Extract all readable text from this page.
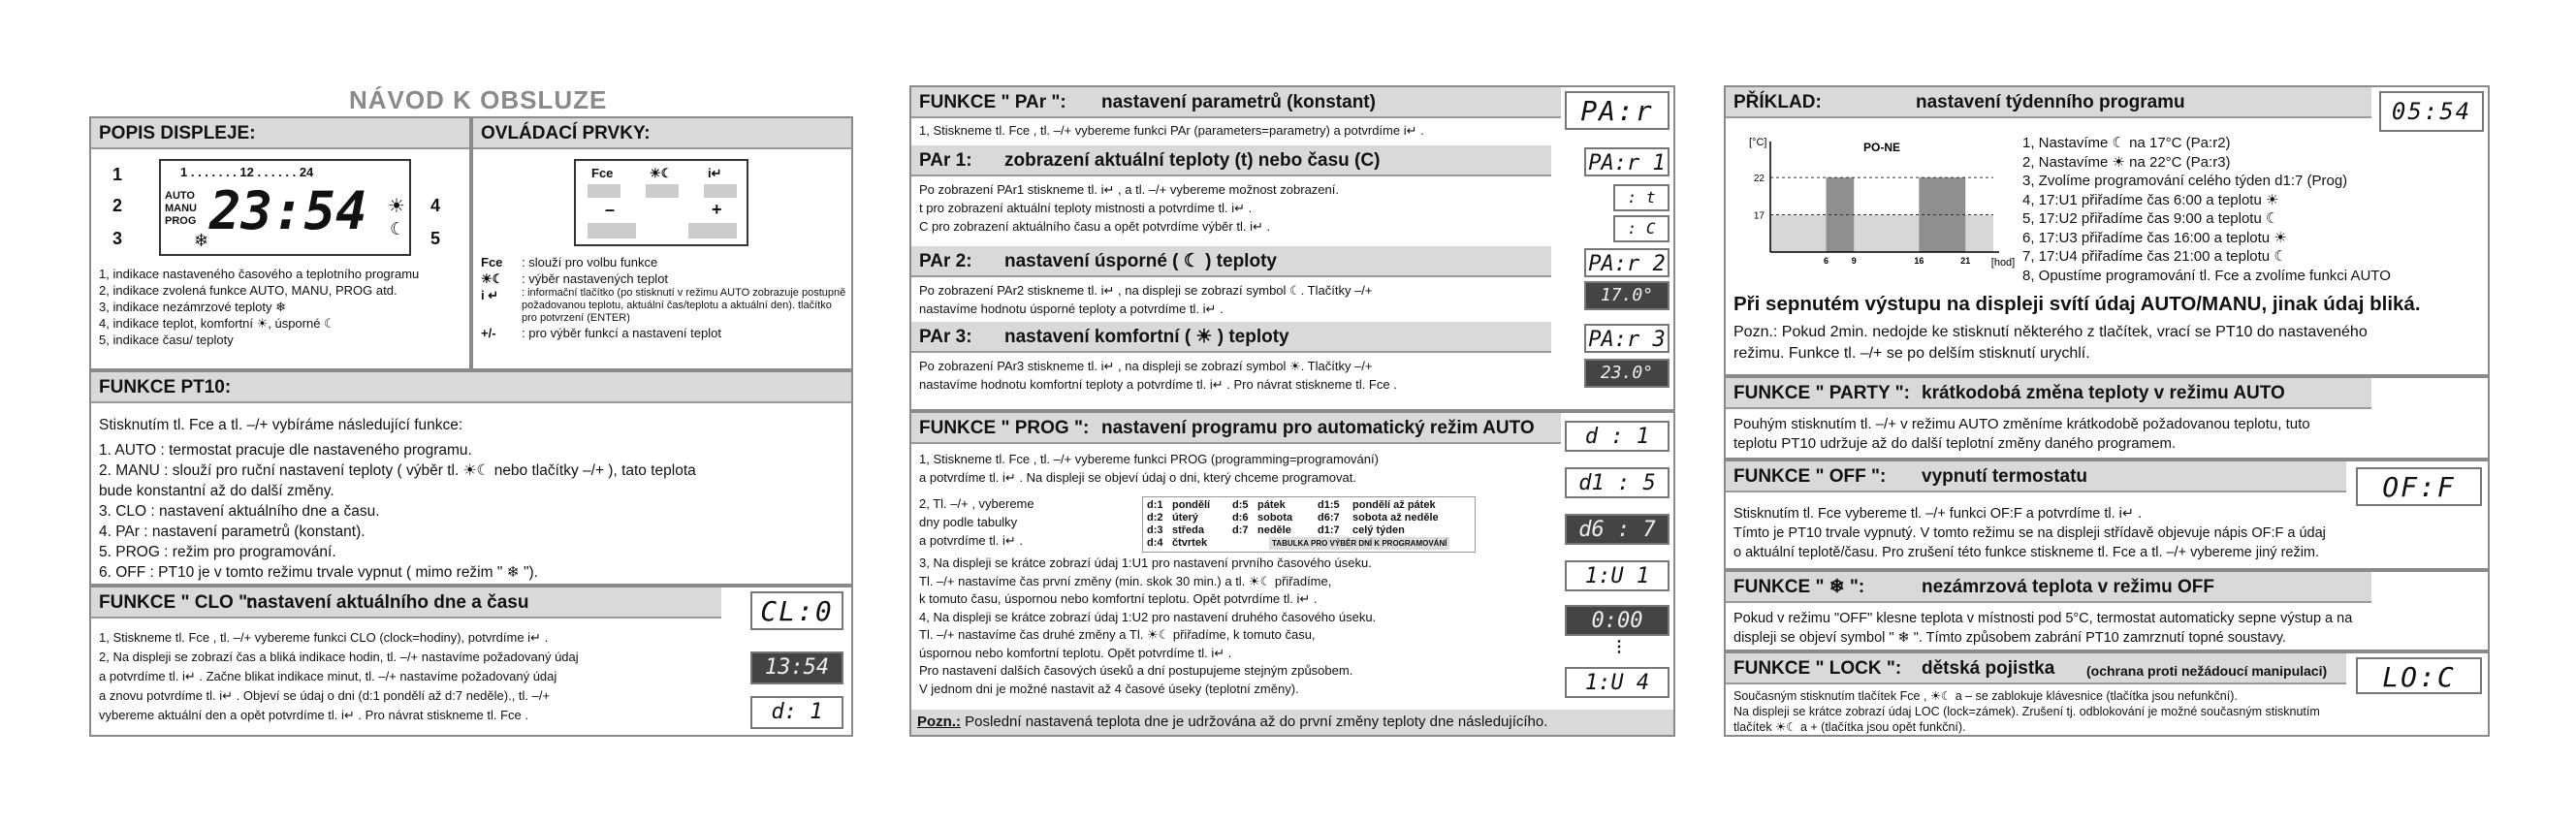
NÁVOD K OBSLUZE
POPIS DISPLEJE:
1 . . . . . . . 12 . . . . . . 24
AUTO
MANU
PROG 23:54 ☀
☾
❄
1
2
3
4
5
1, indikace nastaveného časového a teplotního programu
2, indikace zvolená funkce AUTO, MANU, PROG atd.
3, indikace nezámrzové teploty ❄
4, indikace teplot, komfortní ☀, úsporné ☾
5, indikace času/ teploty
OVLÁDACÍ PRVKY:
Fce	☀☾	i↵
–	+
Fce	: slouží pro volbu funkce
☀☾	: výběr nastavených teplot
i ↵	: informační tlačítko (po stisknutí v režimu AUTO zobrazuje postupně požadovanou teplotu, aktuální čas/teplotu a aktuální den). tlačítko pro potvrzení (ENTER)
+/-	: pro výběr funkcí a nastavení teplot
FUNKCE PT10:
Stisknutím tl. Fce a tl. –/+ vybíráme následující funkce:
1. AUTO : termostat pracuje dle nastaveného programu.
2. MANU : slouží pro ruční nastavení teploty ( výběr tl. ☀☾ nebo tlačítky –/+ ), tato teplota
bude konstantní až do další změny.
3. CLO : nastavení aktuálního dne a času.
4. PAr : nastavení parametrů (konstant).
5. PROG : režim pro programování.
6. OFF : PT10 je v tomto režimu trvale vypnut ( mimo režim " ❄ ").
FUNKCE " CLO ":
nastavení aktuálního dne a času	CL:0
1, Stiskneme tl. Fce , tl. –/+ vybereme funkci CLO (clock=hodiny), potvrdíme i↵ .
2, Na displeji se zobrazí čas a bliká indikace hodin, tl. –/+ nastavíme požadovaný údaj
a potvrdíme tl. i↵ . Začne blikat indikace minut, tl. –/+ nastavíme požadovaný údaj
a znovu potvrdíme tl. i↵ . Objeví se údaj o dni (d:1 pondělí až d:7 neděle)., tl. –/+
vybereme aktuální den a opět potvrdíme tl. i↵ . Pro návrat stiskneme tl. Fce .
13:54
d: 1
FUNKCE " PAr ": nastavení parametrů (konstant)	PA:r
1, Stiskneme tl. Fce , tl. –/+ vybereme funkci PAr (parameters=parametry) a potvrdíme i↵ .
PAr 1: zobrazení aktuální teploty (t) nebo času (C)	PA:r 1
Po zobrazení PAr1 stiskneme tl. i↵ , a tl. –/+ vybereme možnost zobrazení.
t pro zobrazení aktuální teploty mistnosti a potvrdíme tl. i↵ .
C pro zobrazení aktuálního času a opět potvrdíme výběr tl. i↵ .
: t
: C
PAr 2: nastavení úsporné ( ☾ ) teploty	PA:r 2
Po zobrazení PAr2 stiskneme tl. i↵ , na displeji se zobrazí symbol ☾. Tlačítky –/+
nastavíme hodnotu úsporné teploty a potvrdíme tl. i↵ .
17.0°
PAr 3: nastavení komfortní ( ☀ ) teploty	PA:r 3
Po zobrazení PAr3 stiskneme tl. i↵ , na displeji se zobrazí symbol ☀. Tlačítky –/+
nastavíme hodnotu komfortní teploty a potvrdíme tl. i↵ . Pro návrat stiskneme tl. Fce .
23.0°
FUNKCE " PROG ": nastavení programu pro automatický režim AUTO	d : 1
1, Stiskneme tl. Fce , tl. –/+ vybereme funkci PROG (programming=programování)
a potvrdíme tl. i↵ . Na displeji se objeví údaj o dni, který chceme programovat.
2, Tl. –/+ , vybereme
dny podle tabulky
a potvrdíme tl. i↵ .
d1 : 5
d6 : 7
d:1 pondělí	d:5 pátek	d1:5	pondělí až pátek
d:2 úterý	d:6 sobota	d6:7	sobota až neděle
d:3 středa	d:7 neděle	d1:7	celý týden
d:4 čtvrtek	TABULKA PRO VÝBĚR DNÍ K PROGRAMOVÁNÍ
3, Na displeji se krátce zobrazí údaj 1:U1 pro nastavení prvního časového úseku.
Tl. –/+ nastavíme čas první změny (min. skok 30 min.) a tl. ☀☾ přiřadíme,
k tomuto času, úspornou nebo komfortní teplotu. Opět potvrdíme tl. i↵ .
4, Na displeji se krátce zobrazí údaj 1:U2 pro nastavení druhého časového úseku.
Tl. –/+ nastavíme čas druhé změny a Tl. ☀☾ přiřadíme, k tomuto času,
úspornou nebo komfortní teplotu. Opět potvrdíme tl. i↵ .
Pro nastavení dalších časových úseků a dní postupujeme stejným způsobem.
V jednom dni je možné nastavit až 4 časové úseky (teplotní změny).
1:U 1
0:00
⋮
1:U 4
Pozn.: Poslední nastavená teplota dne je udržována až do první změny teploty dne následujícího.
PŘÍKLAD:	nastavení týdenního programu	05:54
17
22
6	9	16	21
[°C]
[hod]
PO-NE	1, Nastavíme ☾ na 17°C (Pa:r2)
2, Nastavíme ☀ na 22°C (Pa:r3)
3, Zvolíme programování celého týden d1:7 (Prog)
4, 17:U1 přiřadíme čas 6:00 a teplotu ☀
5, 17:U2 přiřadíme čas 9:00 a teplotu ☾
6, 17:U3 přiřadíme čas 16:00 a teplotu ☀
7, 17:U4 přiřadíme čas 21:00 a teplotu ☾
8, Opustíme programování tl. Fce a zvolíme funkci AUTO
Při sepnutém výstupu na displeji svítí údaj AUTO/MANU, jinak údaj bliká.
Pozn.: Pokud 2min. nedojde ke stisknutí některého z tlačítek, vrací se PT10 do nastaveného
režimu. Funkce tl. –/+ se po delším stisknutí urychlí.
FUNKCE " PARTY ": krátkodobá změna teploty v režimu AUTO
Pouhým stisknutím tl. –/+ v režimu AUTO změníme krátkodobě požadovanou teplotu, tuto
teplotu PT10 udržuje až do další teplotní změny daného programem.
FUNKCE " OFF ": vypnutí termostatu	OF:F
Stisknutím tl. Fce vybereme tl. –/+ funkci OF:F a potvrdíme tl. i↵ .
Tímto je PT10 trvale vypnutý. V tomto režimu se na displeji střídavě objevuje nápis OF:F a údaj
o aktuální teplotě/času. Pro zrušení této funkce stiskneme tl. Fce a tl. –/+ vybereme jiný režim.
FUNKCE " ❄ ":	nezámrzová teplota v režimu OFF
Pokud v režimu "OFF" klesne teplota v místnosti pod 5°C, termostat automaticky sepne výstup a na
displeji se objeví symbol " ❄ ". Tímto způsobem zabrání PT10 zamrznutí topné soustavy.
FUNKCE " LOCK ": dětská pojistka (ochrana proti nežádoucí manipulaci)	LO:C
Současným stisknutím tlačítek Fce , ☀☾ a – se zablokuje klávesnice (tlačítka jsou nefunkční).
Na displeji se krátce zobrazí údaj LOC (lock=zámek). Zrušení tj. odblokování je možné současným stisknutím
tlačítek ☀☾ a + (tlačítka jsou opět funkční).
